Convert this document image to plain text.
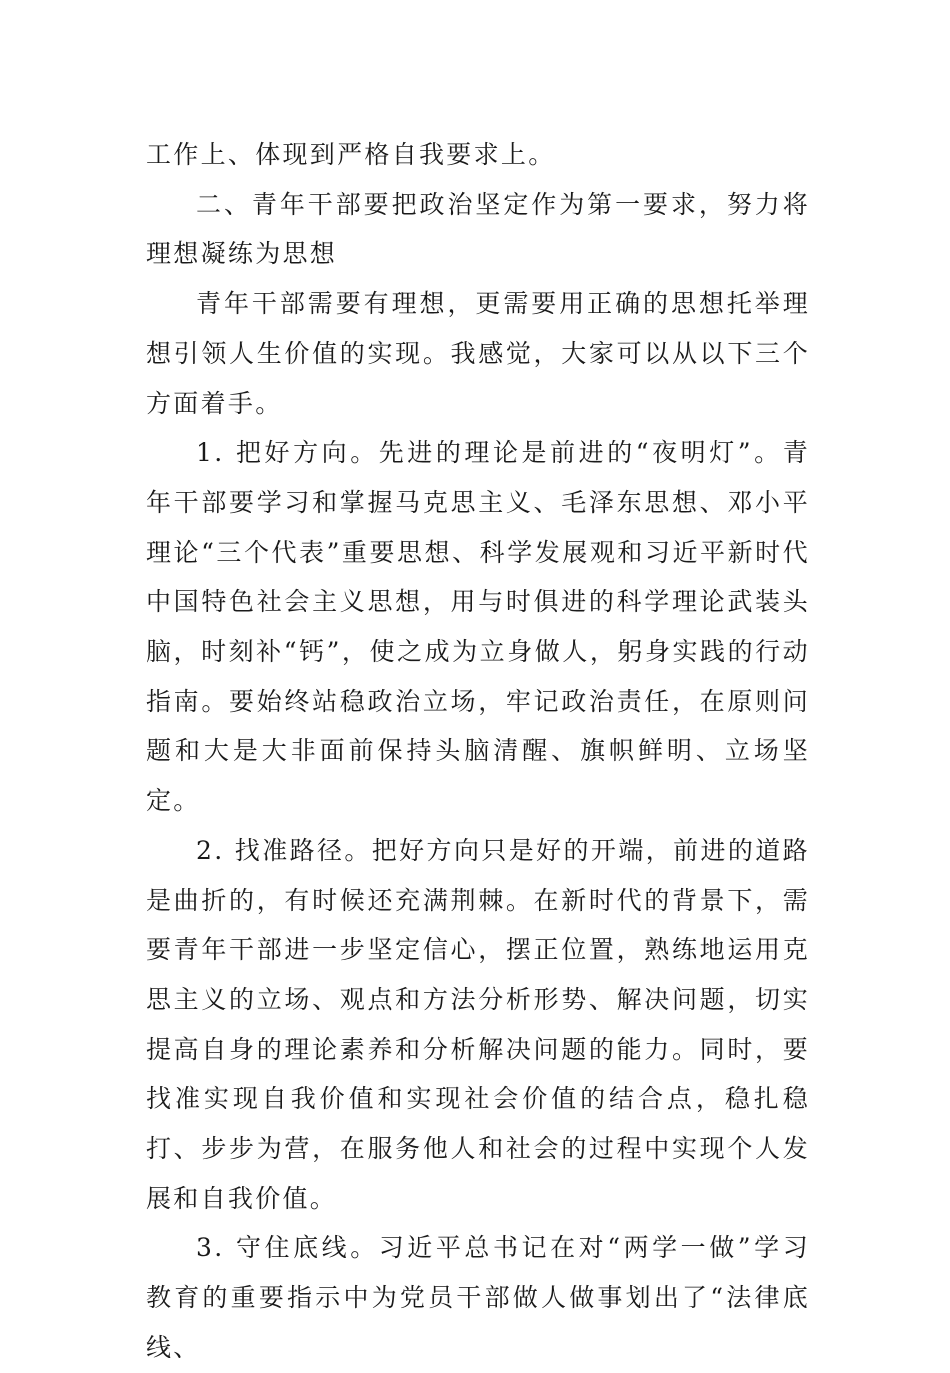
工作上、体现到严格自我要求上。

二、青年干部要把政治坚定作为第一要求，努力将理想凝练为思想

青年干部需要有理想，更需要用正确的思想托举理想引领人生价值的实现。我感觉，大家可以从以下三个方面着手。

1. 把好方向。先进的理论是前进的“夜明灯”。青年干部要学习和掌握马克思主义、毛泽东思想、邓小平理论“三个代表”重要思想、科学发展观和习近平新时代中国特色社会主义思想，用与时俱进的科学理论武装头脑，时刻补“钙”，使之成为立身做人，躬身实践的行动指南。要始终站稳政治立场，牢记政治责任，在原则问题和大是大非面前保持头脑清醒、旗帜鲜明、立场坚定。

2. 找准路径。把好方向只是好的开端，前进的道路是曲折的，有时候还充满荆棘。在新时代的背景下，需要青年干部进一步坚定信心，摆正位置，熟练地运用克思主义的立场、观点和方法分析形势、解决问题，切实提高自身的理论素养和分析解决问题的能力。同时，要找准实现自我价值和实现社会价值的结合点，稳扎稳打、步步为营，在服务他人和社会的过程中实现个人发展和自我价值。

3. 守住底线。习近平总书记在对“两学一做”学习教育的重要指示中为党员干部做人做事划出了“法律底线、
